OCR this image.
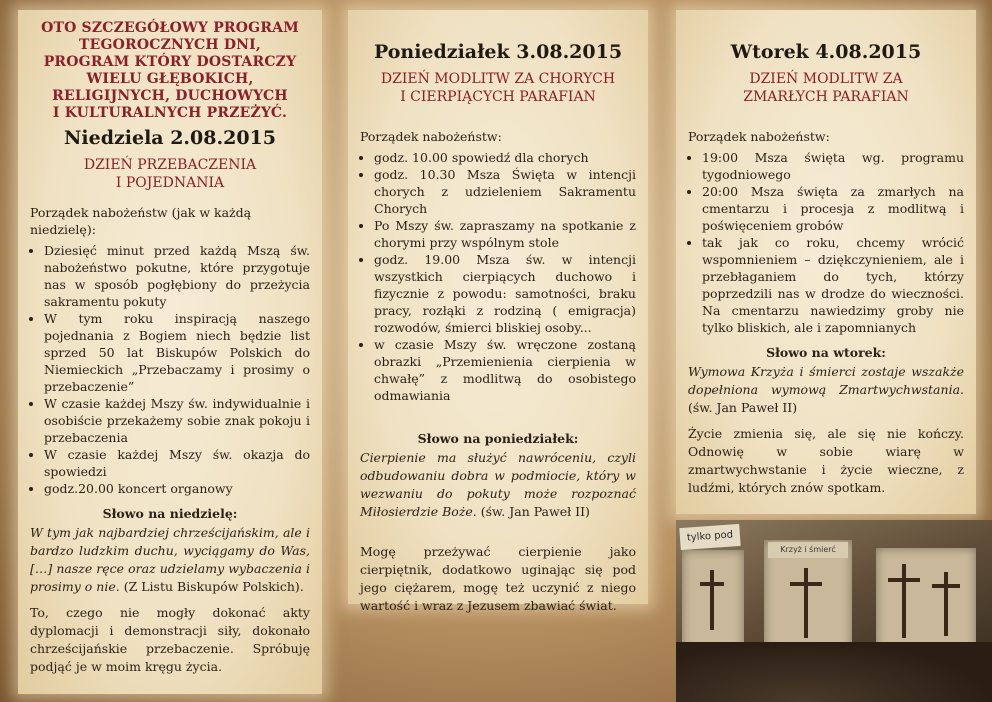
OTO SZCZEGÓŁOWY PROGRAM
TEGOROCZNYCH DNI,
PROGRAM KTÓRY DOSTARCZY
WIELU GŁĘBOKICH,
RELIGIJNYCH, DUCHOWYCH
I KULTURALNYCH PRZEŻYĆ.
Niedziela 2.08.2015
DZIEŃ PRZEBACZENIA
I POJEDNANIA
Porządek nabożeństw (jak w każdą niedzielę):
• Dziesięć minut przed każdą Mszą św. nabożeństwo pokutne, które przygotuje nas w sposób pogłębiony do przeżycia sakramentu pokuty
• W tym roku inspiracją naszego pojednania z Bogiem niech będzie list sprzed 50 lat Biskupów Polskich do Niemieckich „Przebaczamy i prosimy o przebaczenie”
• W czasie każdej Mszy św. indywidualnie i osobiście przekażemy sobie znak pokoju i przebaczenia
• W czasie każdej Mszy św. okazja do spowiedzi
• godz.20.00 koncert organowy
Słowo na niedzielę:

W tym jak najbardziej chrześcijańskim, ale i bardzo ludzkim duchu, wyciągamy do Was, […] nasze ręce oraz udzielamy wybaczenia i prosimy o nie. (Z Listu Biskupów Polskich).

To, czego nie mogły dokonać akty dyplomacji i demonstracji siły, dokonało chrześcijańskie przebaczenie. Spróbuję podjąć je w moim kręgu życia.

Poniedziałek 3.08.2015
DZIEŃ MODLITW ZA CHORYCH
I CIERPIĄCYCH PARAFIAN
Porządek nabożeństw:
• godz. 10.00 spowiedź dla chorych
• godz. 10.30 Msza Święta w intencji chorych z udzieleniem Sakramentu Chorych
• Po Mszy św. zapraszamy na spotkanie z chorymi przy wspólnym stole
• godz. 19.00 Msza św. w intencji wszystkich cierpiących duchowo i fizycznie z powodu: samotności, braku pracy, rozłąki z rodziną ( emigracja) rozwodów, śmierci bliskiej osoby...
• w czasie Mszy św. wręczone zostaną obrazki „Przemienienia cierpienia w chwałę” z modlitwą do osobistego odmawiania
Słowo na poniedziałek:

Cierpienie ma służyć nawróceniu, czyli odbudowaniu dobra w podmiocie, który w wezwaniu do pokuty może rozpoznać Miłosierdzie Boże. (św. Jan Paweł II)

Mogę przeżywać cierpienie jako cierpiętnik, dodatkowo uginając się pod jego ciężarem, mogę też uczynić z niego wartość i wraz z Jezusem zbawiać świat.

Wtorek 4.08.2015
DZIEŃ MODLITW ZA
ZMARŁYCH PARAFIAN
Porządek nabożeństw:
• 19:00 Msza święta wg. programu tygodniowego
• 20:00 Msza święta za zmarłych na cmentarzu i procesja z modlitwą i poświęceniem grobów
• tak jak co roku, chcemy wrócić wspomnieniem – dziękczynieniem, ale i przebłaganiem do tych, którzy poprzedzili nas w drodze do wieczności. Na cmentarzu nawiedzimy groby nie tylko bliskich, ale i zapomnianych
Słowo na wtorek:

Wymowa Krzyża i śmierci zostaje wszakże dopełniona wymową Zmartwychwstania. (św. Jan Paweł II)

Życie zmienia się, ale się nie kończy. Odnowię w sobie wiarę w zmartwychwstanie i życie wieczne, z ludźmi, których znów spotkam.

tylko pod
Krzyż i śmierć
